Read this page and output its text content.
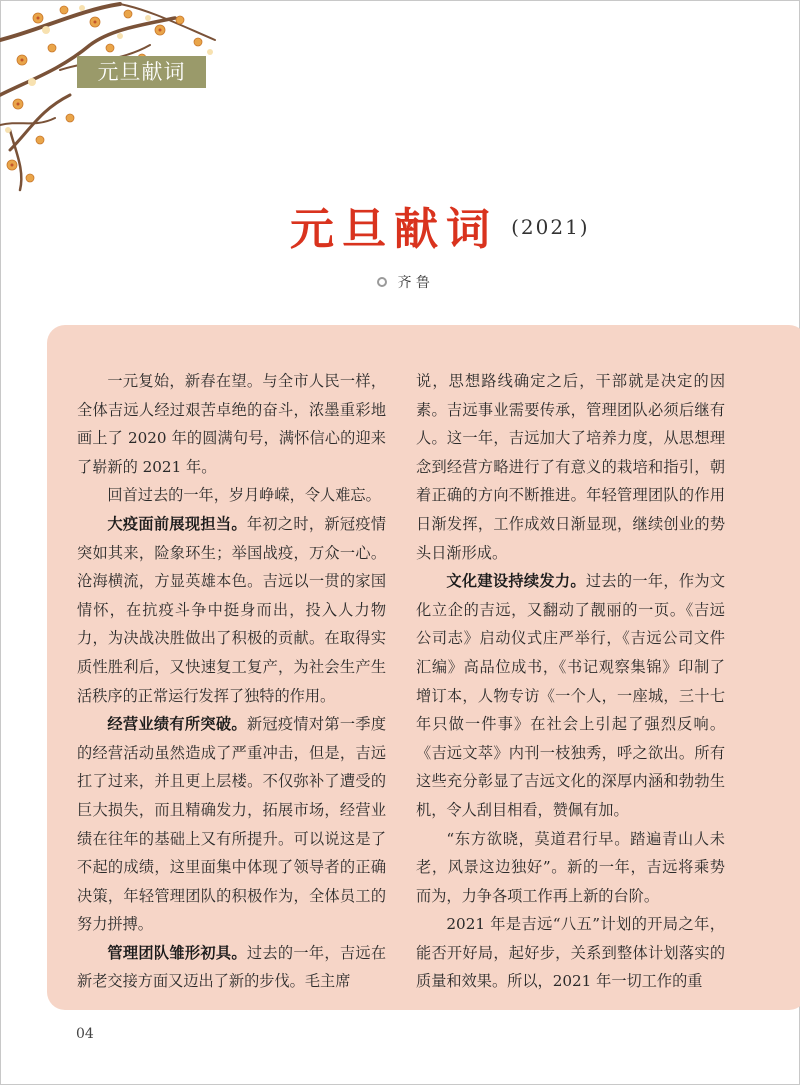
元旦献词
元旦献词 (2021)
齐 鲁

一元复始，新春在望。与全市人民一样，全体吉远人经过艰苦卓绝的奋斗，浓墨重彩地画上了 2020 年的圆满句号，满怀信心的迎来了崭新的 2021 年。

回首过去的一年，岁月峥嵘，令人难忘。

大疫面前展现担当。年初之时，新冠疫情突如其来，险象环生；举国战疫，万众一心。沧海横流，方显英雄本色。吉远以一贯的家国情怀，在抗疫斗争中挺身而出，投入人力物力，为决战决胜做出了积极的贡献。在取得实质性胜利后，又快速复工复产，为社会生产生活秩序的正常运行发挥了独特的作用。

经营业绩有所突破。新冠疫情对第一季度的经营活动虽然造成了严重冲击，但是，吉远扛了过来，并且更上层楼。不仅弥补了遭受的巨大损失，而且精确发力，拓展市场，经营业绩在往年的基础上又有所提升。可以说这是了不起的成绩，这里面集中体现了领导者的正确决策，年轻管理团队的积极作为，全体员工的努力拼搏。

管理团队雏形初具。过去的一年，吉远在新老交接方面又迈出了新的步伐。毛主席

说，思想路线确定之后，干部就是决定的因素。吉远事业需要传承，管理团队必须后继有人。这一年，吉远加大了培养力度，从思想理念到经营方略进行了有意义的栽培和指引，朝着正确的方向不断推进。年轻管理团队的作用日渐发挥，工作成效日渐显现，继续创业的势头日渐形成。

文化建设持续发力。过去的一年，作为文化立企的吉远，又翻动了靓丽的一页。《吉远公司志》启动仪式庄严举行，《吉远公司文件汇编》高品位成书，《书记观察集锦》印制了增订本，人物专访《一个人，一座城，三十七年只做一件事》在社会上引起了强烈反响。《吉远文萃》内刊一枝独秀，呼之欲出。所有这些充分彰显了吉远文化的深厚内涵和勃勃生机，令人刮目相看，赞佩有加。

“东方欲晓，莫道君行早。踏遍青山人未老，风景这边独好”。新的一年，吉远将乘势而为，力争各项工作再上新的台阶。

2021 年是吉远“八五”计划的开局之年，能否开好局，起好步，关系到整体计划落实的质量和效果。所以，2021 年一切工作的重

04
